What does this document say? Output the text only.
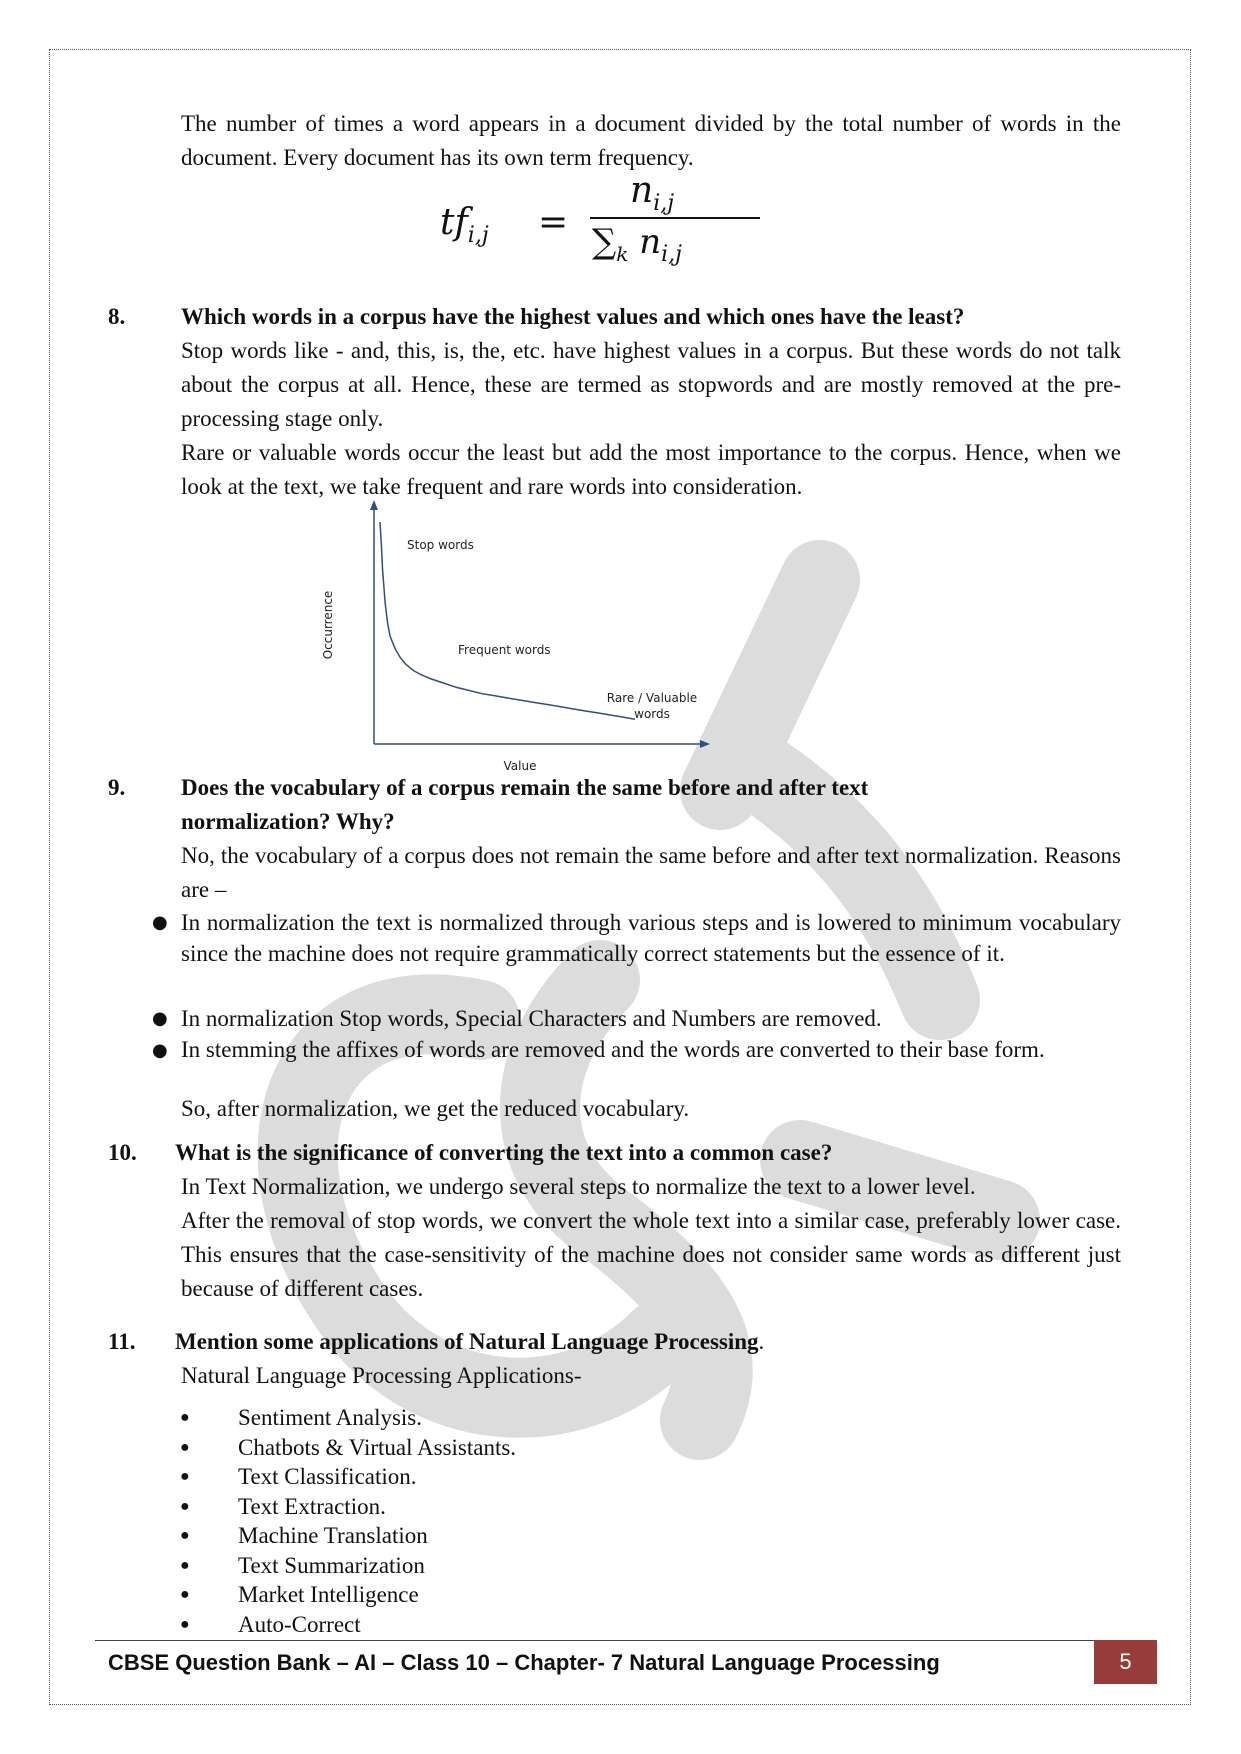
The number of times a word appears in a document divided by the total number of words in the document. Every document has its own term frequency.
$tf_{i,j}$ =
$n_{i,j}$
$\sum_k$ $n_{i,j}$
8. Which words in a corpus have the highest values and which ones have the least?
Stop words like - and, this, is, the, etc. have highest values in a corpus. But these words do not talk about the corpus at all. Hence, these are termed as stopwords and are mostly removed at the pre-processing stage only.
Rare or valuable words occur the least but add the most importance to the corpus. Hence, when we look at the text, we take frequent and rare words into consideration.
Occurrence
Value
Stop words
Frequent words
Rare / Valuable
words
9. Does the vocabulary of a corpus remain the same before and after text
normalization? Why?
No, the vocabulary of a corpus does not remain the same before and after text normalization. Reasons are –
● In normalization the text is normalized through various steps and is lowered to minimum vocabulary since the machine does not require grammatically correct statements but the essence of it.
● In normalization Stop words, Special Characters and Numbers are removed.
● In stemming the affixes of words are removed and the words are converted to their base form.
So, after normalization, we get the reduced vocabulary.
10. What is the significance of converting the text into a common case?
In Text Normalization, we undergo several steps to normalize the text to a lower level.
After the removal of stop words, we convert the whole text into a similar case, preferably lower case. This ensures that the case-sensitivity of the machine does not consider same words as different just because of different cases.
11. Mention some applications of Natural Language Processing.
Natural Language Processing Applications-
●	Sentiment Analysis.
●	Chatbots & Virtual Assistants.
●	Text Classification.
●	Text Extraction.
●	Machine Translation
●	Text Summarization
●	Market Intelligence
●	Auto-Correct
CBSE Question Bank – AI – Class 10 – Chapter- 7 Natural Language Processing	5
